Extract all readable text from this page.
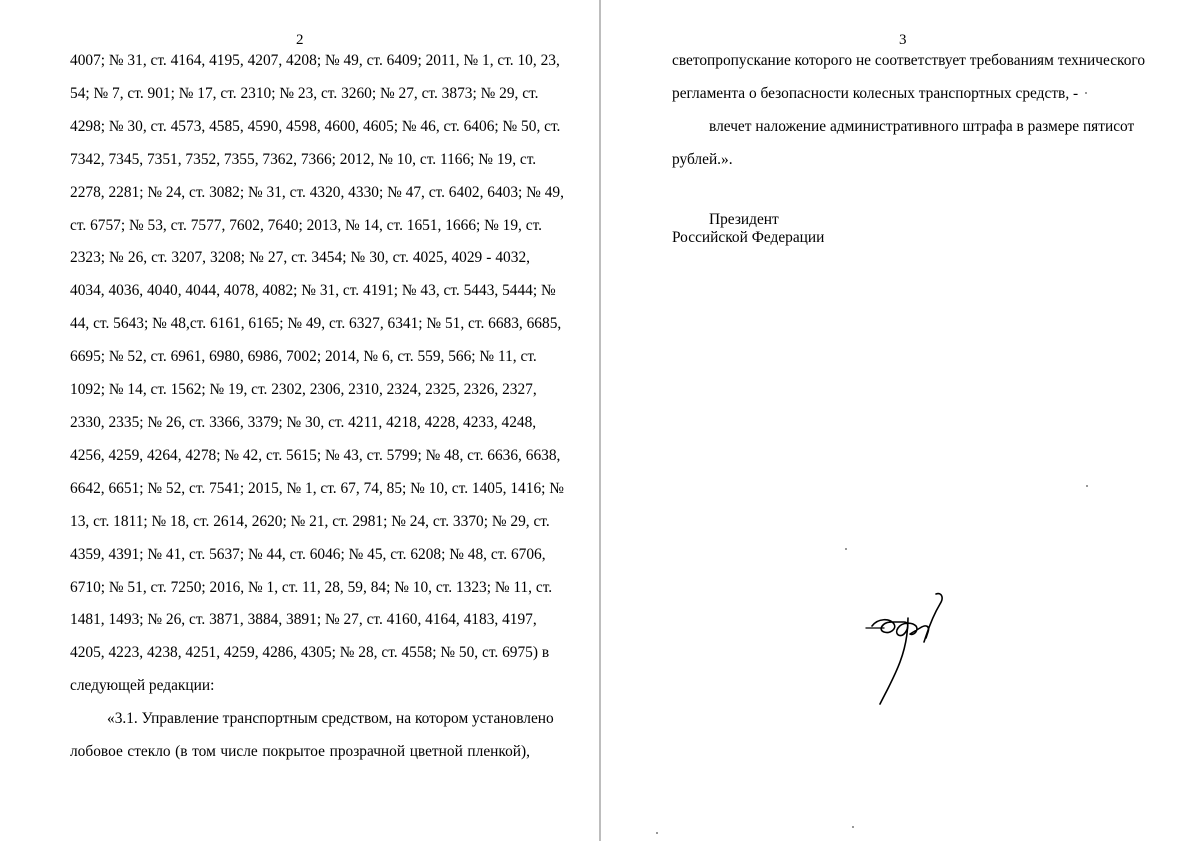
2	3
4007; № 31, ст. 4164, 4195, 4207, 4208; № 49, ст. 6409; 2011, № 1, ст. 10, 23,
54; № 7, ст. 901; № 17, ст. 2310; № 23, ст. 3260; № 27, ст. 3873; № 29, ст.
4298; № 30, ст. 4573, 4585, 4590, 4598, 4600, 4605; № 46, ст. 6406; № 50, ст.
7342, 7345, 7351, 7352, 7355, 7362, 7366; 2012, № 10, ст. 1166; № 19, ст.
2278, 2281; № 24, ст. 3082; № 31, ст. 4320, 4330; № 47, ст. 6402, 6403; № 49,
ст. 6757; № 53, ст. 7577, 7602, 7640; 2013, № 14, ст. 1651, 1666; № 19, ст.
2323; № 26, ст. 3207, 3208; № 27, ст. 3454; № 30, ст. 4025, 4029 - 4032,
4034, 4036, 4040, 4044, 4078, 4082; № 31, ст. 4191; № 43, ст. 5443, 5444; №
44, ст. 5643; № 48,ст. 6161, 6165; № 49, ст. 6327, 6341; № 51, ст. 6683, 6685,
6695; № 52, ст. 6961, 6980, 6986, 7002; 2014, № 6, ст. 559, 566; № 11, ст.
1092; № 14, ст. 1562; № 19, ст. 2302, 2306, 2310, 2324, 2325, 2326, 2327,
2330, 2335; № 26, ст. 3366, 3379; № 30, ст. 4211, 4218, 4228, 4233, 4248,
4256, 4259, 4264, 4278; № 42, ст. 5615; № 43, ст. 5799; № 48, ст. 6636, 6638,
6642, 6651; № 52, ст. 7541; 2015, № 1, ст. 67, 74, 85; № 10, ст. 1405, 1416; №
13, ст. 1811; № 18, ст. 2614, 2620; № 21, ст. 2981; № 24, ст. 3370; № 29, ст.
4359, 4391; № 41, ст. 5637; № 44, ст. 6046; № 45, ст. 6208; № 48, ст. 6706,
6710; № 51, ст. 7250; 2016, № 1, ст. 11, 28, 59, 84; № 10, ст. 1323; № 11, ст.
1481, 1493; № 26, ст. 3871, 3884, 3891; № 27, ст. 4160, 4164, 4183, 4197,
4205, 4223, 4238, 4251, 4259, 4286, 4305; № 28, ст. 4558; № 50, ст. 6975) в
следующей редакции:
«3.1. Управление транспортным средством, на котором установлено
лобовое стекло (в том числе покрытое прозрачной цветной пленкой),
светопропускание которого не соответствует требованиям технического
регламента о безопасности колесных транспортных средств, -
влечет наложение административного штрафа в размере пятисот
рублей.».
Президент
Российской Федерации
